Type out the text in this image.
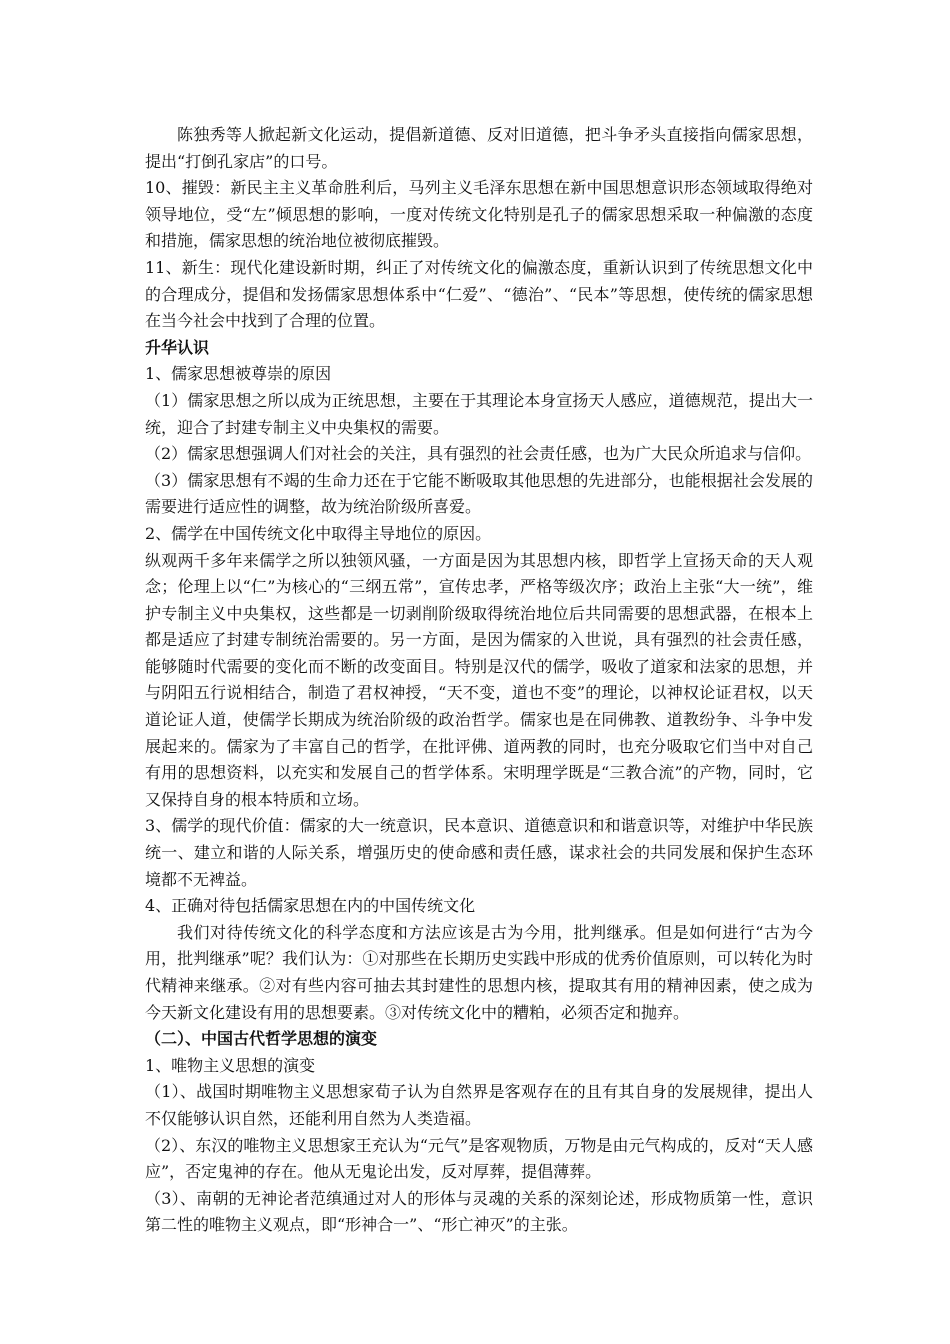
陈独秀等人掀起新文化运动，提倡新道德、反对旧道德，把斗争矛头直接指向儒家思想，提出“打倒孔家店”的口号。

10、摧毁：新民主主义革命胜利后，马列主义毛泽东思想在新中国思想意识形态领域取得绝对领导地位，受“左”倾思想的影响，一度对传统文化特别是孔子的儒家思想采取一种偏激的态度和措施，儒家思想的统治地位被彻底摧毁。

11、新生：现代化建设新时期，纠正了对传统文化的偏激态度，重新认识到了传统思想文化中的合理成分，提倡和发扬儒家思想体系中“仁爱”、“德治”、“民本”等思想，使传统的儒家思想在当今社会中找到了合理的位置。

升华认识

1、儒家思想被尊崇的原因

（1）儒家思想之所以成为正统思想，主要在于其理论本身宣扬天人感应，道德规范，提出大一统，迎合了封建专制主义中央集权的需要。

（2）儒家思想强调人们对社会的关注，具有强烈的社会责任感，也为广大民众所追求与信仰。

（3）儒家思想有不竭的生命力还在于它能不断吸取其他思想的先进部分，也能根据社会发展的需要进行适应性的调整，故为统治阶级所喜爱。

2、儒学在中国传统文化中取得主导地位的原因。

纵观两千多年来儒学之所以独领风骚，一方面是因为其思想内核，即哲学上宣扬天命的天人观念；伦理上以“仁”为核心的“三纲五常”，宣传忠孝，严格等级次序；政治上主张“大一统”，维护专制主义中央集权，这些都是一切剥削阶级取得统治地位后共同需要的思想武器，在根本上都是适应了封建专制统治需要的。另一方面，是因为儒家的入世说，具有强烈的社会责任感，能够随时代需要的变化而不断的改变面目。特别是汉代的儒学，吸收了道家和法家的思想，并与阴阳五行说相结合，制造了君权神授，“天不变，道也不变”的理论，以神权论证君权，以天道论证人道，使儒学长期成为统治阶级的政治哲学。儒家也是在同佛教、道教纷争、斗争中发展起来的。儒家为了丰富自己的哲学，在批评佛、道两教的同时，也充分吸取它们当中对自己有用的思想资料，以充实和发展自己的哲学体系。宋明理学既是“三教合流”的产物，同时，它又保持自身的根本特质和立场。

3、儒学的现代价值：儒家的大一统意识，民本意识、道德意识和和谐意识等，对维护中华民族统一、建立和谐的人际关系，增强历史的使命感和责任感，谋求社会的共同发展和保护生态环境都不无裨益。

4、正确对待包括儒家思想在内的中国传统文化

我们对待传统文化的科学态度和方法应该是古为今用，批判继承。但是如何进行“古为今用，批判继承”呢？我们认为：①对那些在长期历史实践中形成的优秀价值原则，可以转化为时代精神来继承。②对有些内容可抽去其封建性的思想内核，提取其有用的精神因素，使之成为今天新文化建设有用的思想要素。③对传统文化中的糟粕，必须否定和抛弃。

（二）、中国古代哲学思想的演变

1、唯物主义思想的演变

（1）、战国时期唯物主义思想家荀子认为自然界是客观存在的且有其自身的发展规律，提出人不仅能够认识自然，还能利用自然为人类造福。

（2）、东汉的唯物主义思想家王充认为“元气”是客观物质，万物是由元气构成的，反对“天人感应”，否定鬼神的存在。他从无鬼论出发，反对厚葬，提倡薄葬。

（3）、南朝的无神论者范缜通过对人的形体与灵魂的关系的深刻论述，形成物质第一性，意识第二性的唯物主义观点，即“形神合一”、“形亡神灭”的主张。
